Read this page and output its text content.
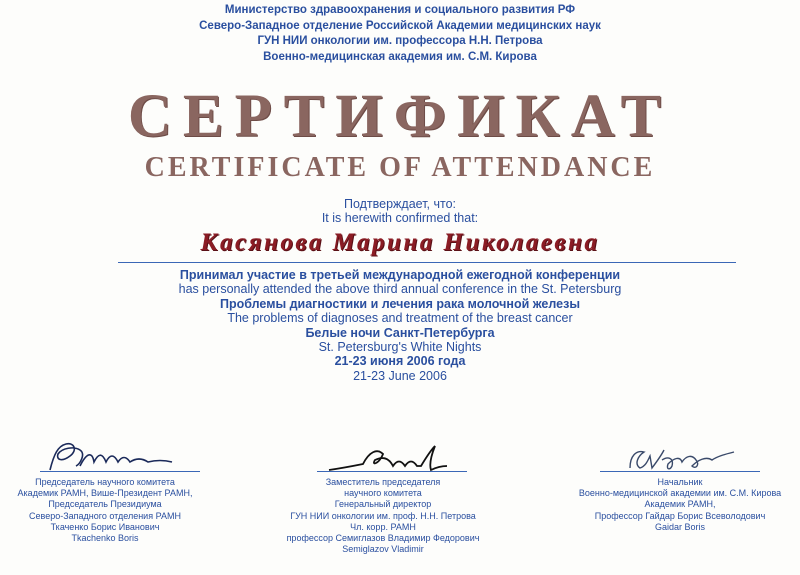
Министерство здравоохранения и социального развития РФ
Северо-Западное отделение Российской Академии медицинских наук
ГУН НИИ онкологии им. профессора Н.Н. Петрова
Военно-медицинская академия им. С.М. Кирова
СЕРТИФИКАТ
CERTIFICATE OF ATTENDANCE
Подтверждает, что:
It is herewith confirmed that:
Касянова Марина Николаевна
Принимал участие в третьей международной ежегодной конференции
has personally attended the above third annual conference in the St. Petersburg
Проблемы диагностики и лечения рака молочной железы
The problems of diagnoses and treatment of the breast cancer
Белые ночи Санкт-Петербурга
St. Petersburg's White Nights
21-23 июня 2006 года
21-23 June 2006
Председатель научного комитета
Академик РАМН, Више-Президент РАМН,
Председатель Президиума
Северо-Западного отделения РАМН
Ткаченко Борис Иванович
Tkachenko Boris
Заместитель председателя
научного комитета
Генеральный директор
ГУН НИИ онкологии им. проф. Н.Н. Петрова
Чл. корр. РАМН
профессор Семиглазов Владимир Федорович
Semiglazov Vladimir
Начальник
Военно-медицинской академии им. С.М. Кирова
Академик РАМН,
Профессор Гайдар Борис Всеволодович
Gaidar Boris
